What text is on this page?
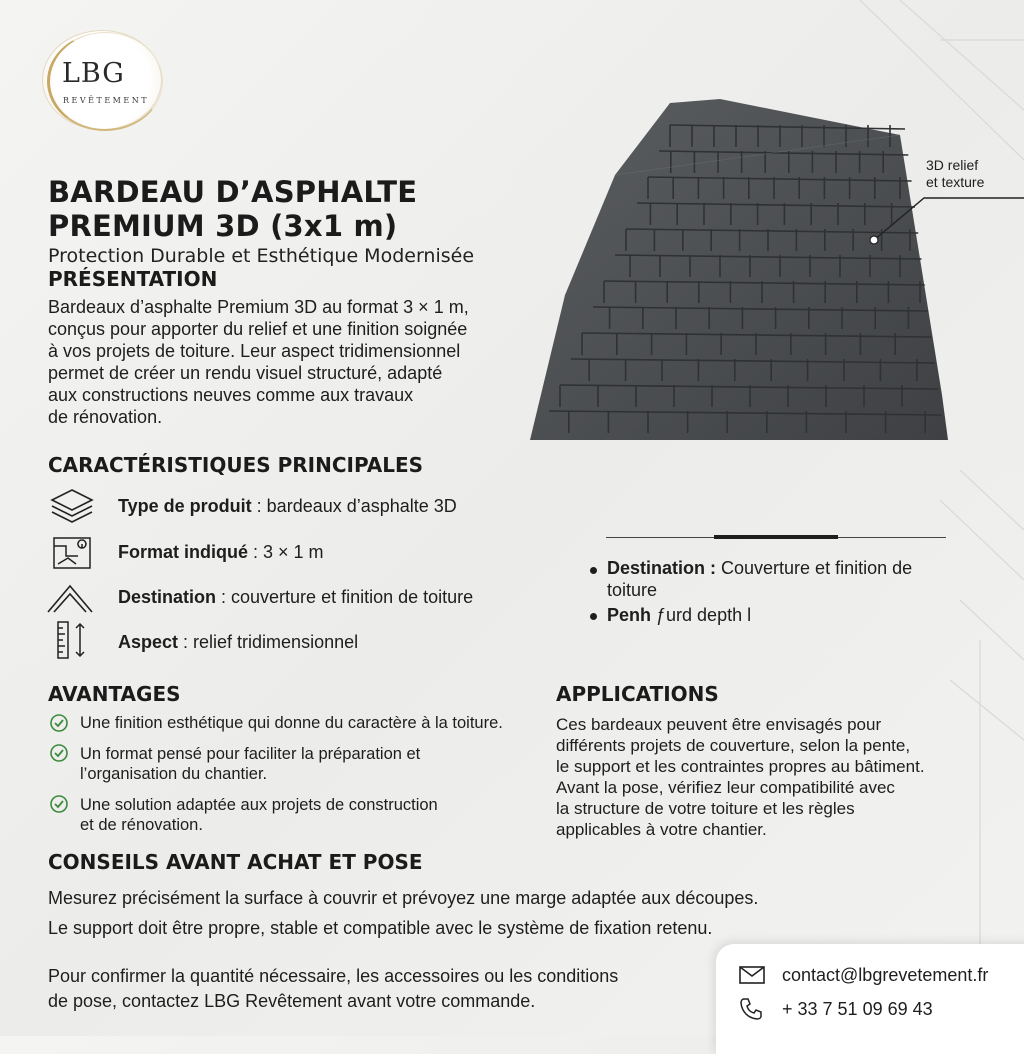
LBG
REVÊTEMENT
3D relief
et texture
BARDEAU D’ASPHALTE
PREMIUM 3D (3x1 m)
Protection Durable et Esthétique Modernisée
PRÉSENTATION
Bardeaux d’asphalte Premium 3D au format 3 × 1 m,
conçus pour apporter du relief et une finition soignée
à vos projets de toiture. Leur aspect tridimensionnel
permet de créer un rendu visuel structuré, adapté
aux constructions neuves comme aux travaux
de rénovation.
CARACTÉRISTIQUES PRINCIPALES
Type de produit : bardeaux d’asphalte 3D
Format indiqué : 3 × 1 m
Destination : couverture et finition de toiture
Aspect : relief tridimensionnel
Destination : Couverture et finition de
toiture
Penh ƒurd depth l
AVANTAGES
Une finition esthétique qui donne du caractère à la toiture.
Un format pensé pour faciliter la préparation et
l’organisation du chantier.
Une solution adaptée aux projets de construction
et de rénovation.
APPLICATIONS
Ces bardeaux peuvent être envisagés pour
différents projets de couverture, selon la pente,
le support et les contraintes propres au bâtiment.
Avant la pose, vérifiez leur compatibilité avec
la structure de votre toiture et les règles
applicables à votre chantier.
CONSEILS AVANT ACHAT ET POSE
Mesurez précisément la surface à couvrir et prévoyez une marge adaptée aux découpes.
Le support doit être propre, stable et compatible avec le système de fixation retenu.
Pour confirmer la quantité nécessaire, les accessoires ou les conditions
de pose, contactez LBG Revêtement avant votre commande.
contact@lbgrevetement.fr
+ 33 7 51 09 69 43
